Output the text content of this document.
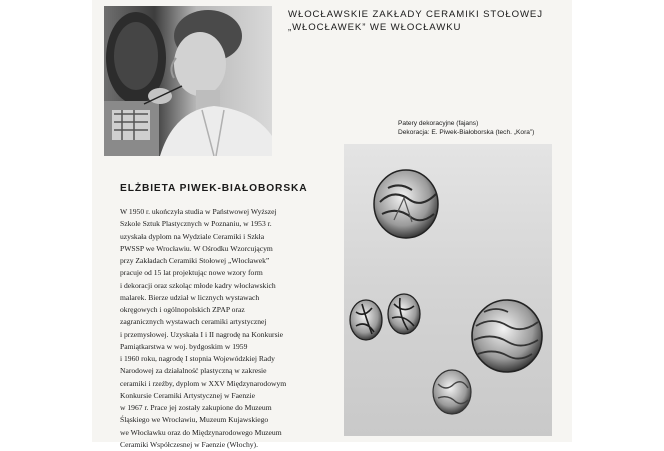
WŁOCŁAWSKIE ZAKŁADY CERAMIKI STOŁOWEJ
„WŁOCŁAWEK” WE WŁOCŁAWKU
Patery dekoracyjne (fajans)
Dekoracja: E. Piwek-Białoborska (tech. „Kora”)
ELŻBIETA PIWEK-BIAŁOBORSKA
W 1950 r. ukończyła studia w Państwowej Wyższej
Szkole Sztuk Plastycznych w Poznaniu, w 1953 r.
uzyskała dyplom na Wydziale Ceramiki i Szkła
PWSSP we Wrocławiu. W Ośrodku Wzorcującym
przy Zakładach Ceramiki Stołowej „Włocławek”
pracuje od 15 lat projektując nowe wzory form
i dekoracji oraz szkoląc młode kadry włocławskich
malarek. Bierze udział w licznych wystawach
okręgowych i ogólnopolskich ZPAP oraz
zagranicznych wystawach ceramiki artystycznej
i przemysłowej. Uzyskała I i II nagrodę na Konkursie
Pamiątkarstwa w woj. bydgoskim w 1959
i 1960 roku, nagrodę I stopnia Wojewódzkiej Rady
Narodowej za działalność plastyczną w zakresie
ceramiki i rzeźby, dyplom w XXV Międzynarodowym
Konkursie Ceramiki Artystycznej w Faenzie
w 1967 r. Prace jej zostały zakupione do Muzeum
Śląskiego we Wrocławiu, Muzeum Kujawskiego
we Włocławku oraz do Międzynarodowego Muzeum
Ceramiki Współczesnej w Faenzie (Włochy).
